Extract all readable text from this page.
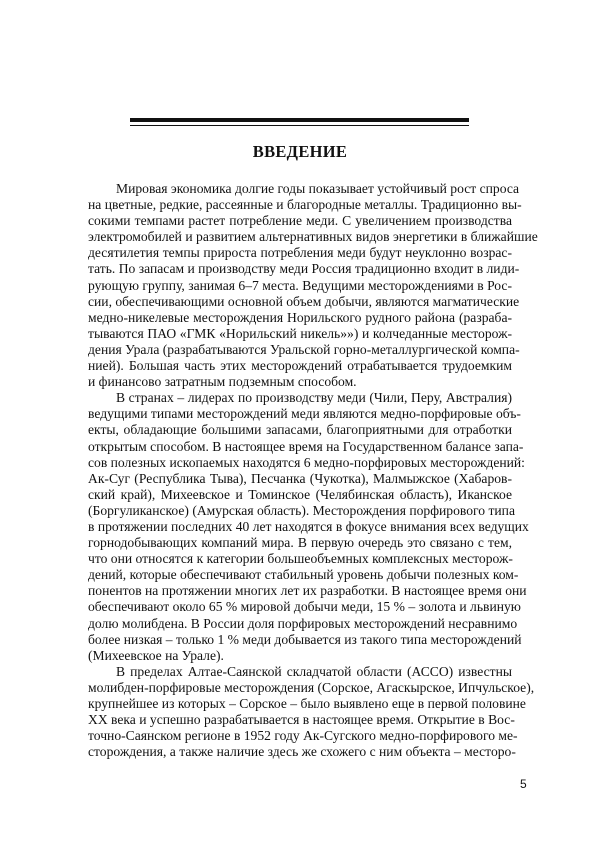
ВВЕДЕНИЕ
Мировая экономика долгие годы показывает устойчивый рост спроса
на цветные, редкие, рассеянные и благородные металлы. Традиционно вы-
сокими темпами растет потребление меди. С увеличением производства
электромобилей и развитием альтернативных видов энергетики в ближайшие
десятилетия темпы прироста потребления меди будут неуклонно возрас-
тать. По запасам и производству меди Россия традиционно входит в лиди-
рующую группу, занимая 6–7 места. Ведущими месторождениями в Рос-
сии, обеспечивающими основной объем добычи, являются магматические
медно-никелевые месторождения Норильского рудного района (разраба-
тываются ПАО «ГМК «Норильский никель»») и колчеданные месторож-
дения Урала (разрабатываются Уральской горно-металлургической компа-
нией). Большая часть этих месторождений отрабатывается трудоемким
и финансово затратным подземным способом.
В странах – лидерах по производству меди (Чили, Перу, Австралия)
ведущими типами месторождений меди являются медно-порфировые объ-
екты, обладающие большими запасами, благоприятными для отработки
открытым способом. В настоящее время на Государственном балансе запа-
сов полезных ископаемых находятся 6 медно-порфировых месторождений:
Ак-Суг (Республика Тыва), Песчанка (Чукотка), Малмыжское (Хабаров-
ский край), Михеевское и Томинское (Челябинская область), Иканское
(Боргуликанское) (Амурская область). Месторождения порфирового типа
в протяжении последних 40 лет находятся в фокусе внимания всех ведущих
горнодобывающих компаний мира. В первую очередь это связано с тем,
что они относятся к категории большеобъемных комплексных месторож-
дений, которые обеспечивают стабильный уровень добычи полезных ком-
понентов на протяжении многих лет их разработки. В настоящее время они
обеспечивают около 65 % мировой добычи меди, 15 % – золота и львиную
долю молибдена. В России доля порфировых месторождений несравнимо
более низкая – только 1 % меди добывается из такого типа месторождений
(Михеевское на Урале).
В пределах Алтае-Саянской складчатой области (АССО) известны
молибден-порфировые месторождения (Сорское, Агаскырское, Ипчульское),
крупнейшее из которых – Сорское – было выявлено еще в первой половине
XX века и успешно разрабатывается в настоящее время. Открытие в Вос-
точно-Саянском регионе в 1952 году Ак-Сугского медно-порфирового ме-
сторождения, а также наличие здесь же схожего с ним объекта – месторо-
5
